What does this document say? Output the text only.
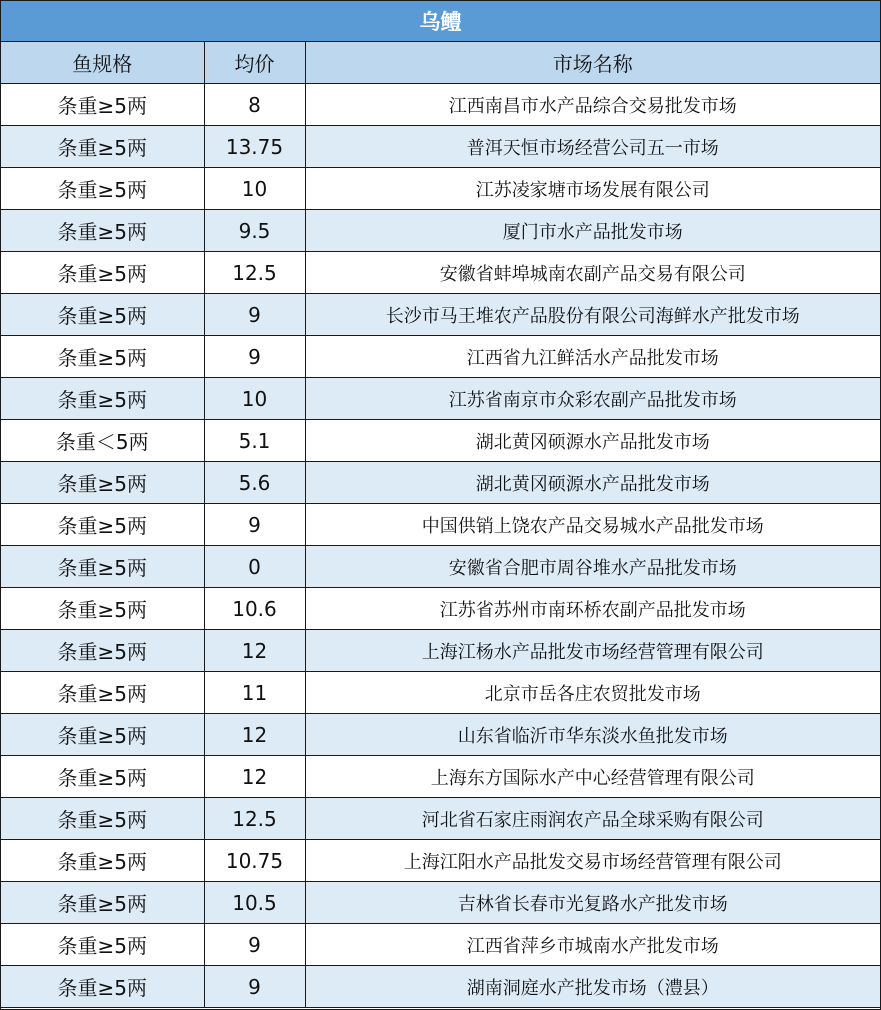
乌鳢
鱼规格	均价	市场名称
条重≥5两	8	江西南昌市水产品综合交易批发市场
条重≥5两	13.75	普洱天恒市场经营公司五一市场
条重≥5两	10	江苏凌家塘市场发展有限公司
条重≥5两	9.5	厦门市水产品批发市场
条重≥5两	12.5	安徽省蚌埠城南农副产品交易有限公司
条重≥5两	9	长沙市马王堆农产品股份有限公司海鲜水产批发市场
条重≥5两	9	江西省九江鲜活水产品批发市场
条重≥5两	10	江苏省南京市众彩农副产品批发市场
条重＜5两	5.1	湖北黄冈硕源水产品批发市场
条重≥5两	5.6	湖北黄冈硕源水产品批发市场
条重≥5两	9	中国供销上饶农产品交易城水产品批发市场
条重≥5两	0	安徽省合肥市周谷堆水产品批发市场
条重≥5两	10.6	江苏省苏州市南环桥农副产品批发市场
条重≥5两	12	上海江杨水产品批发市场经营管理有限公司
条重≥5两	11	北京市岳各庄农贸批发市场
条重≥5两	12	山东省临沂市华东淡水鱼批发市场
条重≥5两	12	上海东方国际水产中心经营管理有限公司
条重≥5两	12.5	河北省石家庄雨润农产品全球采购有限公司
条重≥5两	10.75	上海江阳水产品批发交易市场经营管理有限公司
条重≥5两	10.5	吉林省长春市光复路水产批发市场
条重≥5两	9	江西省萍乡市城南水产批发市场
条重≥5两	9	湖南洞庭水产批发市场（澧县）
